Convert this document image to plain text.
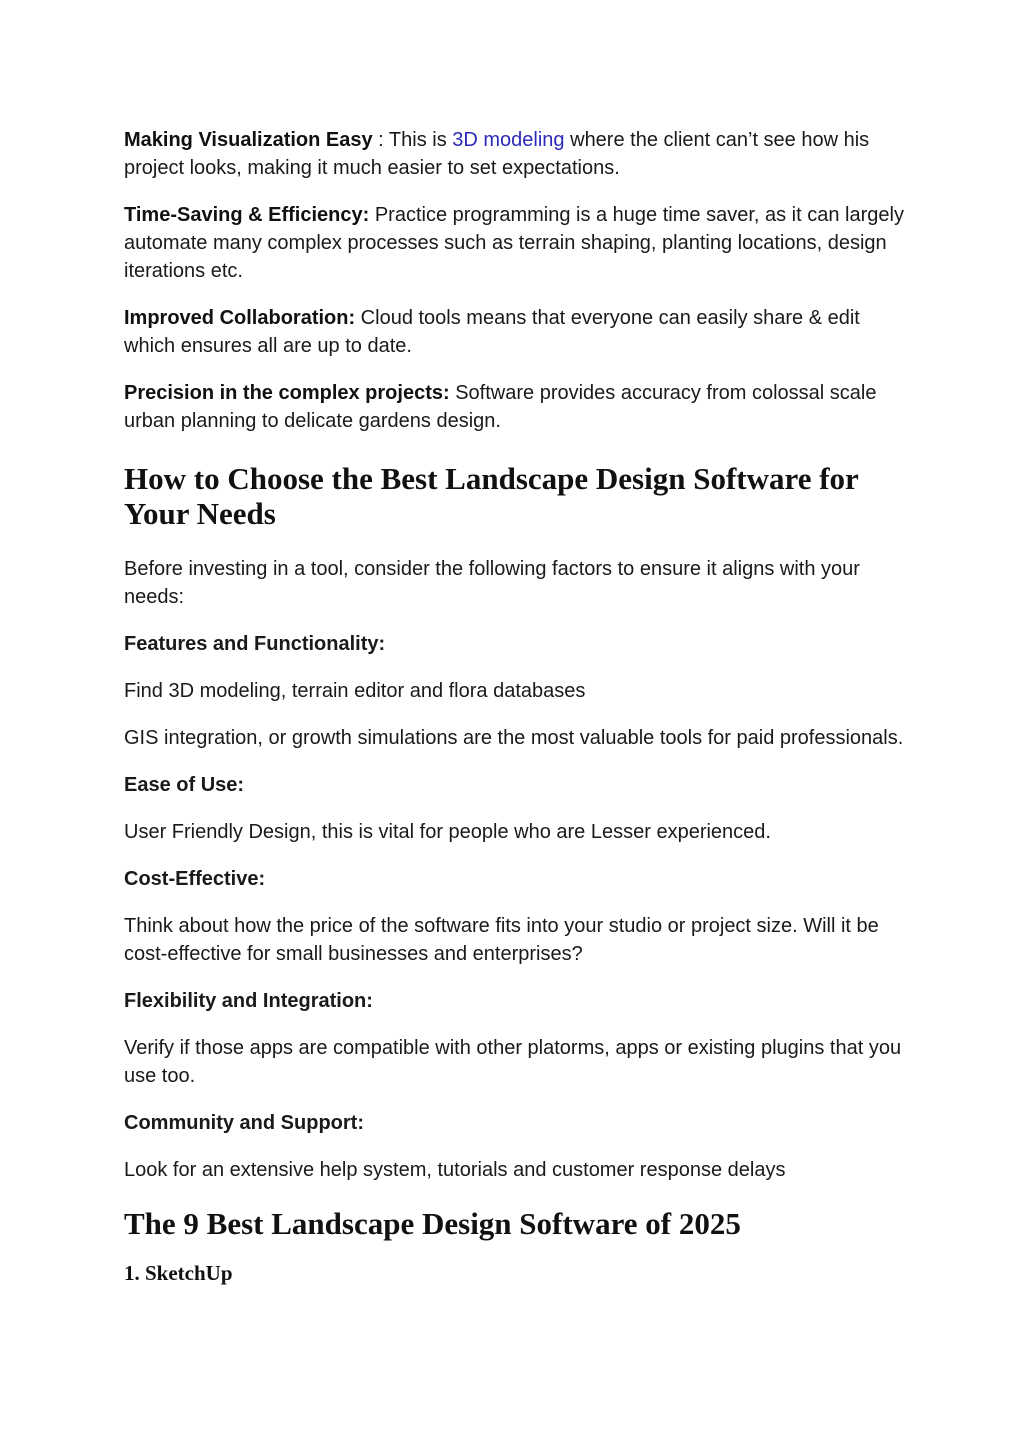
Making Visualization Easy : This is 3D modeling where the client can’t see how his project looks, making it much easier to set expectations.

Time-Saving & Efficiency: Practice programming is a huge time saver, as it can largely automate many complex processes such as terrain shaping, planting locations, design iterations etc.

Improved Collaboration: Cloud tools means that everyone can easily share & edit which ensures all are up to date.

Precision in the complex projects: Software provides accuracy from colossal scale urban planning to delicate gardens design.

How to Choose the Best Landscape Design Software for Your Needs

Before investing in a tool, consider the following factors to ensure it aligns with your needs:

Features and Functionality:

Find 3D modeling, terrain editor and flora databases

GIS integration, or growth simulations are the most valuable tools for paid professionals.

Ease of Use:

User Friendly Design, this is vital for people who are Lesser experienced.

Cost-Effective:

Think about how the price of the software fits into your studio or project size. Will it be cost-effective for small businesses and enterprises?

Flexibility and Integration:

Verify if those apps are compatible with other platorms, apps or existing plugins that you use too.

Community and Support:

Look for an extensive help system, tutorials and customer response delays

The 9 Best Landscape Design Software of 2025
1. SketchUp
